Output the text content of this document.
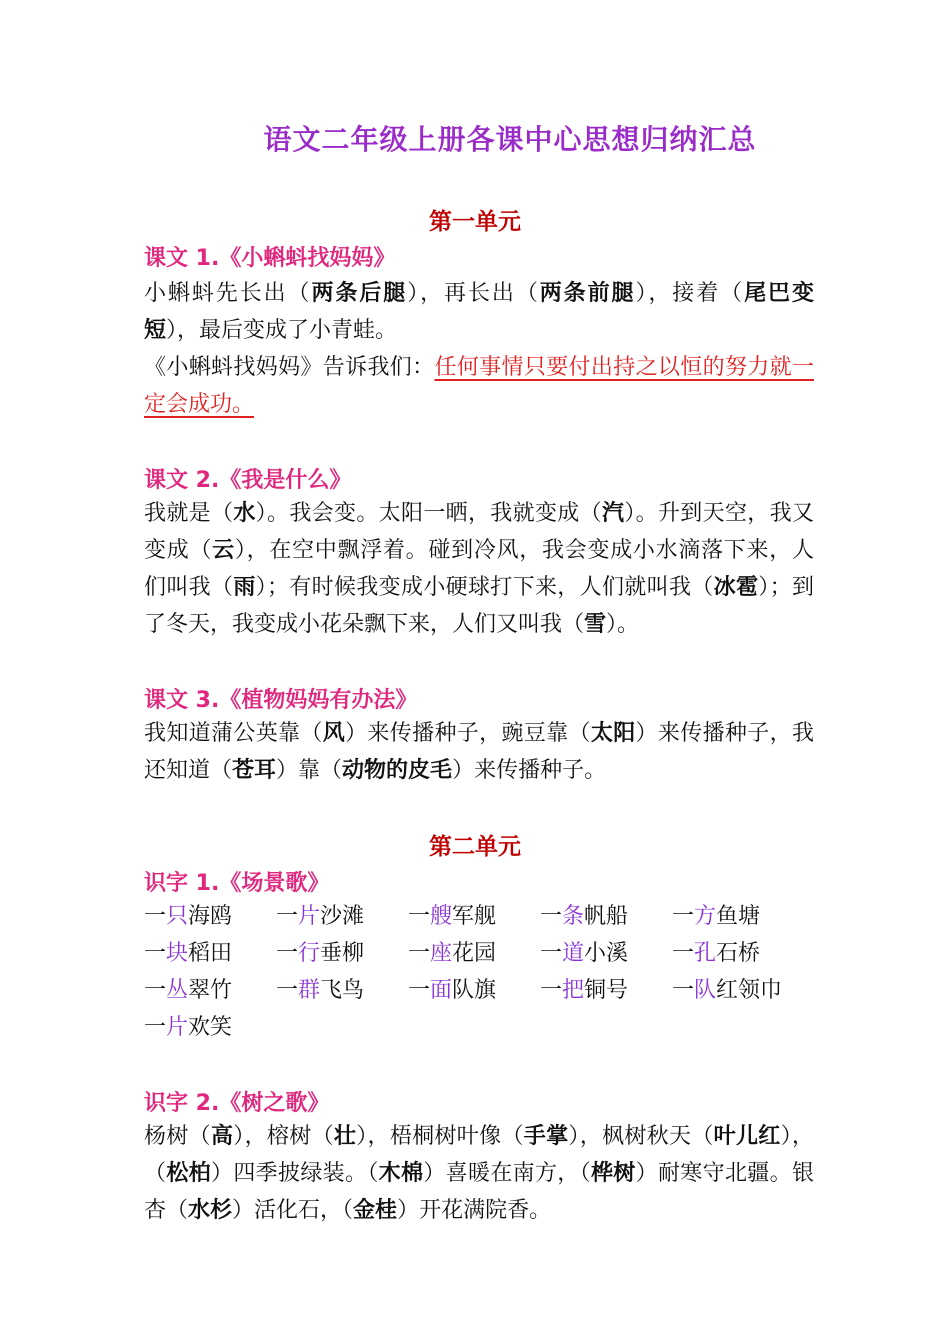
语文二年级上册各课中心思想归纳汇总
第一单元
课文 1.《小蝌蚪找妈妈》
小蝌蚪先长出（两条后腿），再长出（两条前腿），接着（尾巴变短），最后变成了小青蛙。
《小蝌蚪找妈妈》告诉我们：任何事情只要付出持之以恒的努力就一定会成功。
课文 2.《我是什么》
我就是（水）。我会变。太阳一晒，我就变成（汽）。升到天空，我又变成（云），在空中飘浮着。碰到冷风，我会变成小水滴落下来，人们叫我（雨）；有时候我变成小硬球打下来，人们就叫我（冰雹）；到了冬天，我变成小花朵飘下来，人们又叫我（雪）。
课文 3.《植物妈妈有办法》
我知道蒲公英靠（风）来传播种子，豌豆靠（太阳）来传播种子，我还知道（苍耳）靠（动物的皮毛）来传播种子。
第二单元
识字 1.《场景歌》
一只海鸥	一片沙滩	一艘军舰	一条帆船	一方鱼塘
一块稻田	一行垂柳	一座花园	一道小溪	一孔石桥
一丛翠竹	一群飞鸟	一面队旗	一把铜号	一队红领巾
一片欢笑
识字 2.《树之歌》
杨树（高），榕树（壮），梧桐树叶像（手掌），枫树秋天（叶儿红），（松柏）四季披绿装。（木棉）喜暖在南方，（桦树）耐寒守北疆。银杏（水杉）活化石，（金桂）开花满院香。
